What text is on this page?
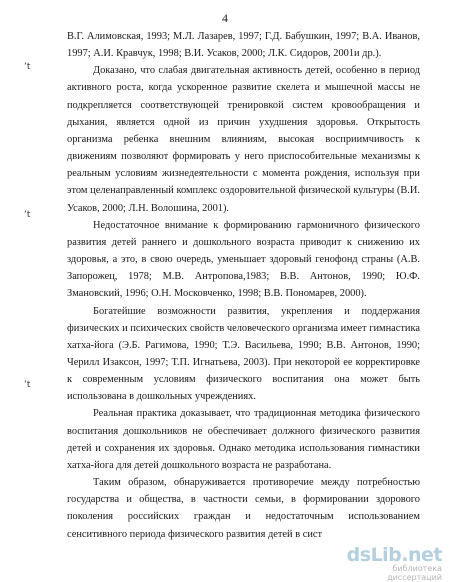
4
ʻt
ʻt
ʻt

В.Г. Алимовская, 1993; М.Л. Лазарев, 1997; Г.Д. Бабушкин, 1997; В.А. Иванов, 1997; А.И. Кравчук, 1998; В.И. Усаков, 2000; Л.К. Сидоров, 2001и др.).

Доказано, что слабая двигательная активность детей, особенно в период активного роста, когда ускоренное развитие скелета и мышечной массы не подкрепляется соответствующей тренировкой систем кровообращения и дыхания, является одной из причин ухудшения здоровья. Открытость организма ребенка внешним влияниям, высокая восприимчивость к движениям позволяют формировать у него приспособительные механизмы к реальным условиям жизнедеятельности с момента рождения, используя при этом целенаправленный комплекс оздоровительной физической культуры (В.И. Усаков, 2000; Л.Н. Волошина, 2001).

Недостаточное внимание к формированию гармоничного физического развития детей раннего и дошкольного возраста приводит к снижению их здоровья, а это, в свою очередь, уменьшает здоровый генофонд страны (А.В. Запорожец, 1978; М.В. Антропова,1983; В.В. Антонов, 1990; Ю.Ф. Змановский, 1996; О.Н. Московченко, 1998; В.В. Пономарев, 2000).

Богатейшие возможности развития, укрепления и поддержания физических и психических свойств человеческого организма имеет гимнастика хатха-йога (Э.Б. Рагимова, 1990; Т.Э. Васильева, 1990; В.В. Антонов, 1990; Черилл Изаксон, 1997; Т.П. Игнатьева, 2003). При некоторой ее корректировке к современным условиям физического воспитания она может быть использована в дошкольных учреждениях.

Реальная практика доказывает, что традиционная методика физического воспитания дошкольников не обеспечивает должного физического развития детей и сохранения их здоровья. Однако методика использования гимнастики хатха-йога для детей дошкольного возраста не разработана.

Таким образом, обнаруживается противоречие между потребностью государства и общества, в частности семьи, в формировании здорового поколения российских граждан и недостаточным использованием сенситивного периода физического развития детей в сист

dsLib.net
библиотека диссертаций
